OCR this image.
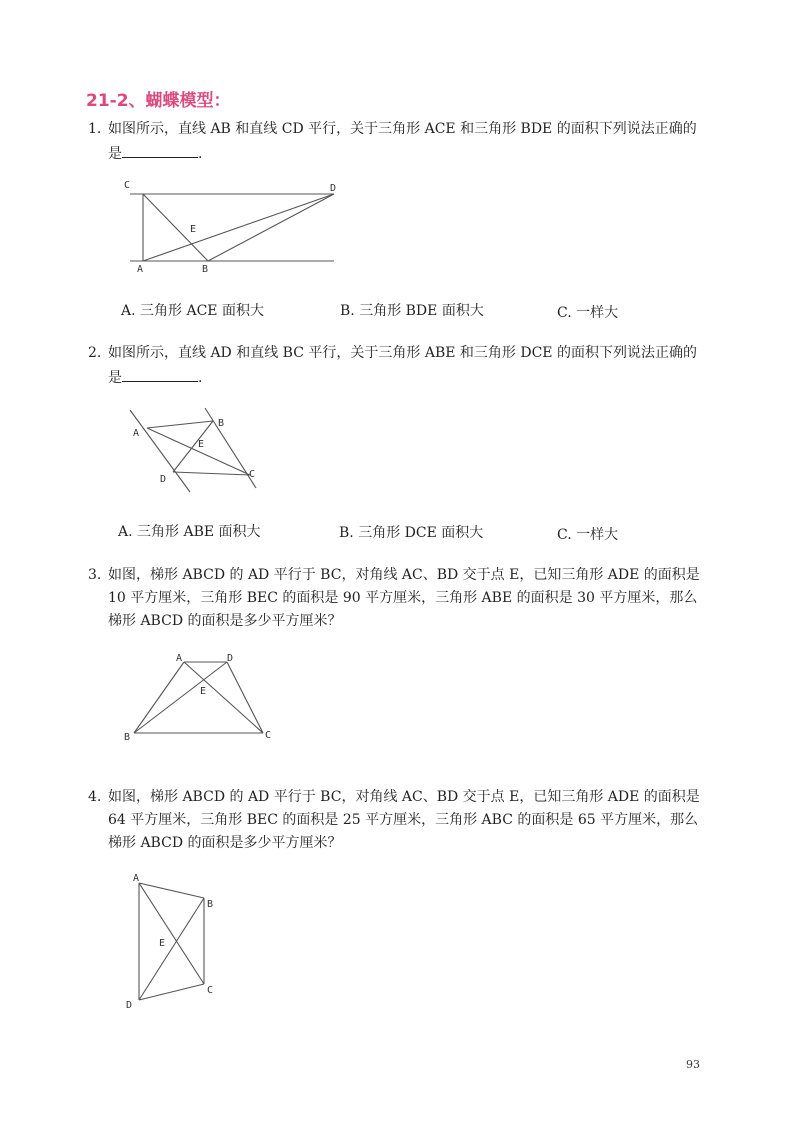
21-2、蝴蝶模型：
1. 如图所示，直线 AB 和直线 CD 平行，关于三角形 ACE 和三角形 BDE 的面积下列说法正确的是	.
C	D
E
A	B
A. 三角形 ACE 面积大	B. 三角形 BDE 面积大	C. 一样大
2. 如图所示，直线 AD 和直线 BC 平行，关于三角形 ABE 和三角形 DCE 的面积下列说法正确的是	.
A
B
E
D	C
A. 三角形 ABE 面积大	B. 三角形 DCE 面积大	C. 一样大
3. 如图，梯形 ABCD 的 AD 平行于 BC，对角线 AC、BD 交于点 E，已知三角形 ADE 的面积是 10 平方厘米，三角形 BEC 的面积是 90 平方厘米，三角形 ABE 的面积是 30 平方厘米，那么梯形 ABCD 的面积是多少平方厘米？
A	D
E
B	C
4. 如图，梯形 ABCD 的 AD 平行于 BC，对角线 AC、BD 交于点 E，已知三角形 ADE 的面积是 64 平方厘米，三角形 BEC 的面积是 25 平方厘米，三角形 ABC 的面积是 65 平方厘米，那么梯形 ABCD 的面积是多少平方厘米？
A
B
E
C
D
93
